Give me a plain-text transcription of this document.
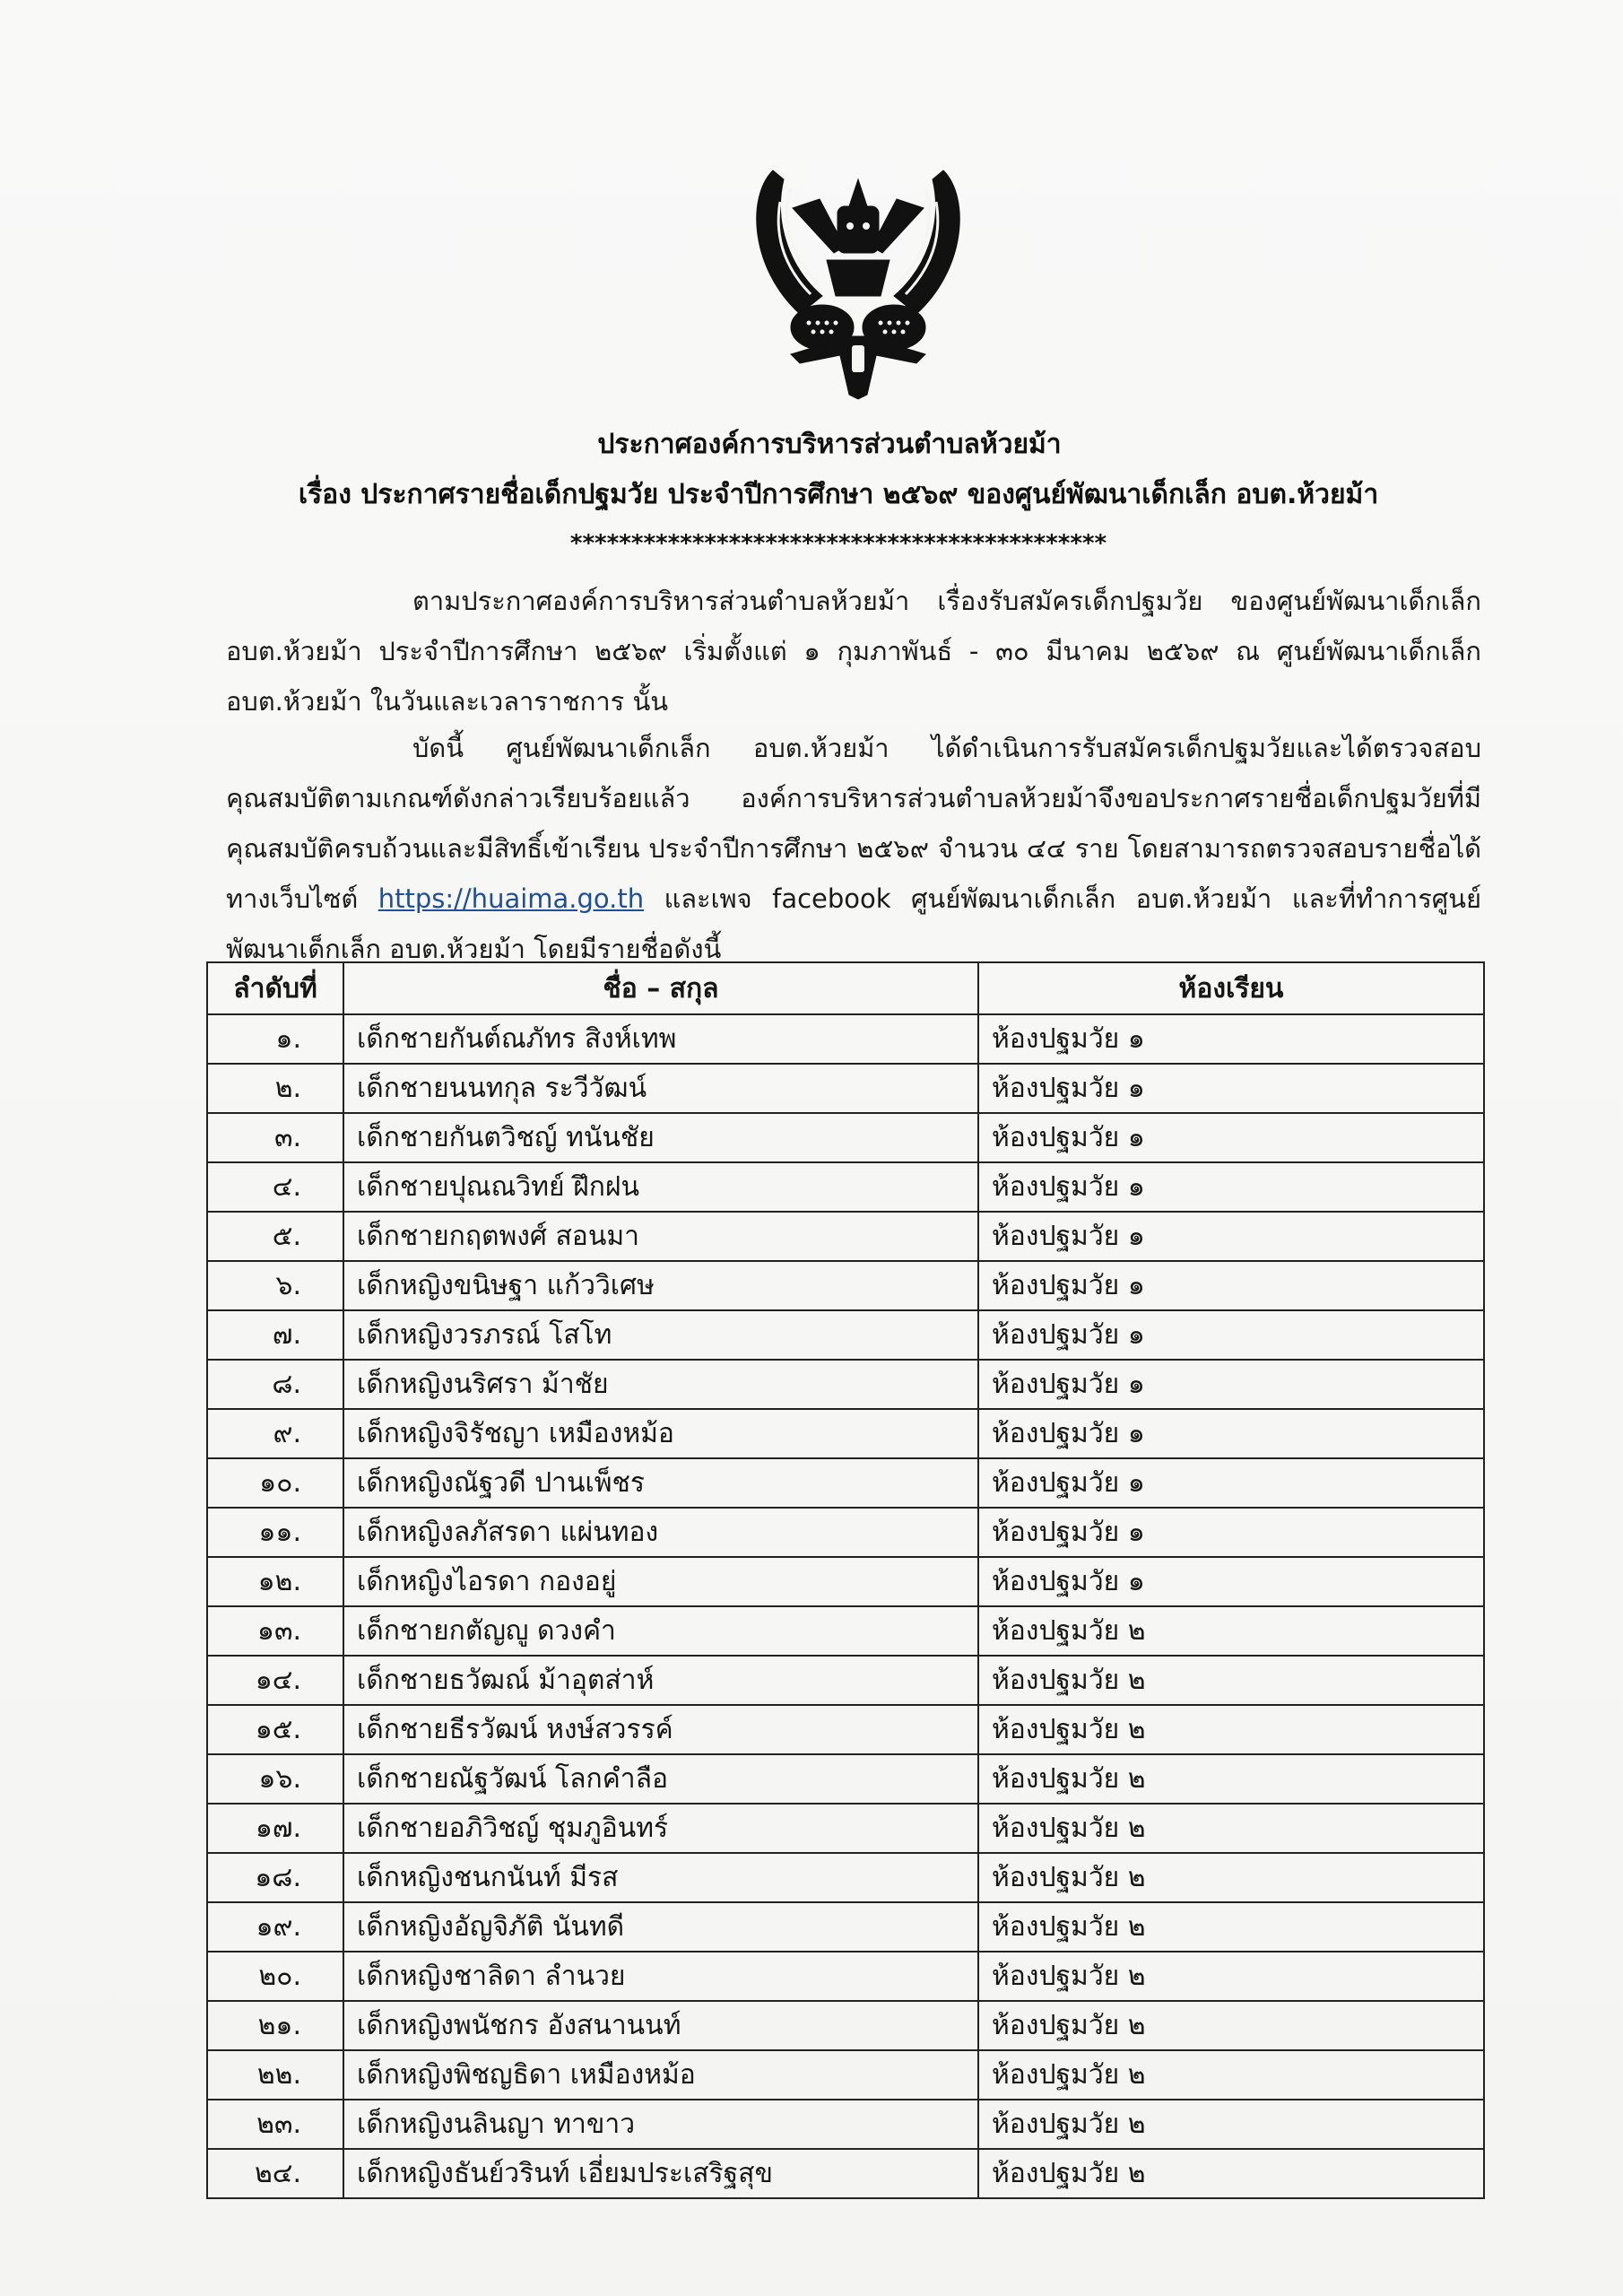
ประกาศองค์การบริหารส่วนตำบลห้วยม้า
เรื่อง ประกาศรายชื่อเด็กปฐมวัย ประจำปีการศึกษา ๒๕๖๙ ของศูนย์พัฒนาเด็กเล็ก อบต.ห้วยม้า
********************************************
ตามประกาศองค์การบริหารส่วนตำบลห้วยม้า เรื่องรับสมัครเด็กปฐมวัย ของศูนย์พัฒนาเด็กเล็ก อบต.ห้วยม้า ประจำปีการศึกษา ๒๕๖๙ เริ่มตั้งแต่ ๑ กุมภาพันธ์ - ๓๐ มีนาคม ๒๕๖๙ ณ ศูนย์พัฒนาเด็กเล็ก อบต.ห้วยม้า ในวันและเวลาราชการ นั้น
บัดนี้ ศูนย์พัฒนาเด็กเล็ก อบต.ห้วยม้า ได้ดำเนินการรับสมัครเด็กปฐมวัยและได้ตรวจสอบคุณสมบัติตามเกณฑ์ดังกล่าวเรียบร้อยแล้ว องค์การบริหารส่วนตำบลห้วยม้าจึงขอประกาศรายชื่อเด็กปฐมวัยที่มีคุณสมบัติครบถ้วนและมีสิทธิ์เข้าเรียน ประจำปีการศึกษา ๒๕๖๙ จำนวน ๔๔ ราย โดยสามารถตรวจสอบรายชื่อได้ ทางเว็บไซต์ https://huaima.go.th และเพจ facebook ศูนย์พัฒนาเด็กเล็ก อบต.ห้วยม้า และที่ทำการศูนย์พัฒนาเด็กเล็ก อบต.ห้วยม้า โดยมีรายชื่อดังนี้
ลำดับที่	ชื่อ – สกุล	ห้องเรียน
๑.	เด็กชายกันต์ณภัทร สิงห์เทพ	ห้องปฐมวัย ๑
๒.	เด็กชายนนทกุล ระวีวัฒน์	ห้องปฐมวัย ๑
๓.	เด็กชายกันตวิชญ์ ทนันชัย	ห้องปฐมวัย ๑
๔.	เด็กชายปุณณวิทย์ ฝึกฝน	ห้องปฐมวัย ๑
๕.	เด็กชายกฤตพงศ์ สอนมา	ห้องปฐมวัย ๑
๖.	เด็กหญิงขนิษฐา แก้ววิเศษ	ห้องปฐมวัย ๑
๗.	เด็กหญิงวรภรณ์ โสโท	ห้องปฐมวัย ๑
๘.	เด็กหญิงนริศรา ม้าชัย	ห้องปฐมวัย ๑
๙.	เด็กหญิงจิรัชญา เหมืองหม้อ	ห้องปฐมวัย ๑
๑๐.	เด็กหญิงณัฐวดี ปานเพ็ชร	ห้องปฐมวัย ๑
๑๑.	เด็กหญิงลภัสรดา แผ่นทอง	ห้องปฐมวัย ๑
๑๒.	เด็กหญิงไอรดา กองอยู่	ห้องปฐมวัย ๑
๑๓.	เด็กชายกตัญญู ดวงคำ	ห้องปฐมวัย ๒
๑๔.	เด็กชายธวัฒณ์ ม้าอุตส่าห์	ห้องปฐมวัย ๒
๑๕.	เด็กชายธีรวัฒน์ หงษ์สวรรค์	ห้องปฐมวัย ๒
๑๖.	เด็กชายณัฐวัฒน์ โลกคำลือ	ห้องปฐมวัย ๒
๑๗.	เด็กชายอภิวิชญ์ ชุมภูอินทร์	ห้องปฐมวัย ๒
๑๘.	เด็กหญิงชนกนันท์ มีรส	ห้องปฐมวัย ๒
๑๙.	เด็กหญิงอัญจิภัติ นันทดี	ห้องปฐมวัย ๒
๒๐.	เด็กหญิงชาลิดา ลำนวย	ห้องปฐมวัย ๒
๒๑.	เด็กหญิงพนัชกร อังสนานนท์	ห้องปฐมวัย ๒
๒๒.	เด็กหญิงพิชญธิดา เหมืองหม้อ	ห้องปฐมวัย ๒
๒๓.	เด็กหญิงนลินญา ทาขาว	ห้องปฐมวัย ๒
๒๔.	เด็กหญิงธันย์วรินท์ เอี่ยมประเสริฐสุข	ห้องปฐมวัย ๒
